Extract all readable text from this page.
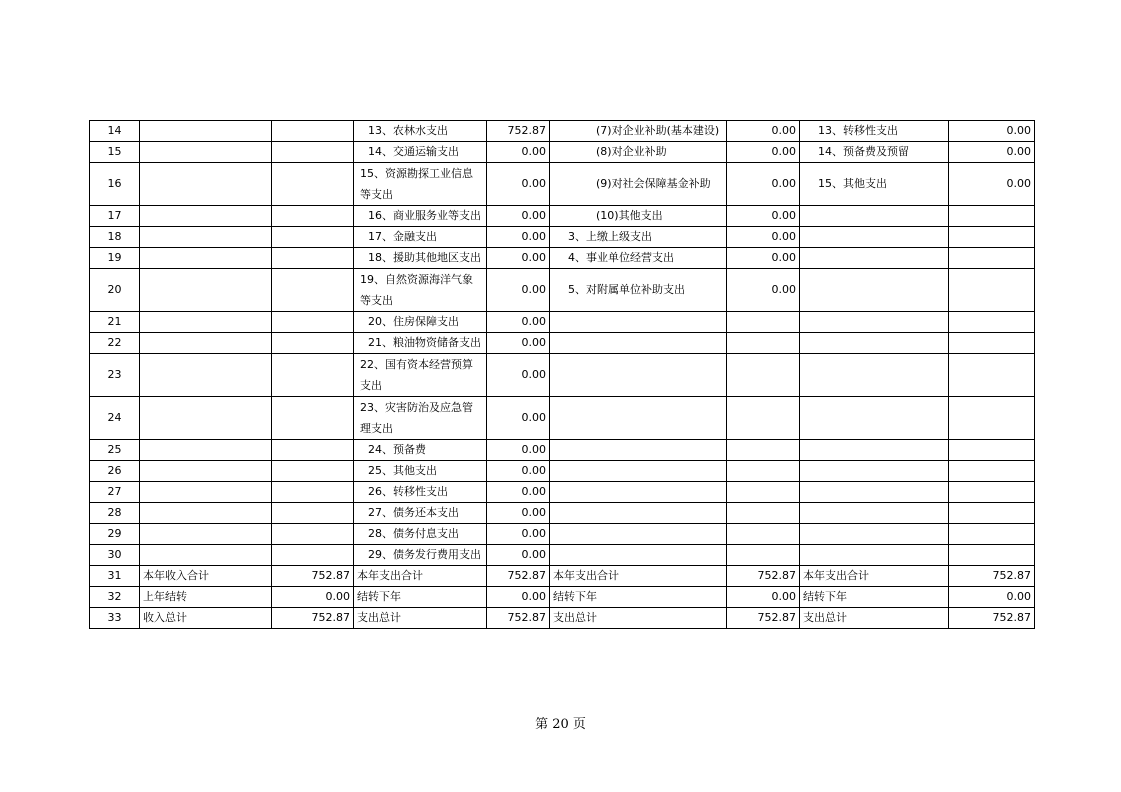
14			13、农林水支出	752.87	(7)对企业补助(基本建设)	0.00	13、转移性支出	0.00
15			14、交通运输支出	0.00	(8)对企业补助	0.00	14、预备费及预留	0.00
16			15、资源勘探工业信息等支出	0.00	(9)对社会保障基金补助	0.00	15、其他支出	0.00
17			16、商业服务业等支出	0.00	(10)其他支出	0.00		
18			17、金融支出	0.00	3、上缴上级支出	0.00		
19			18、援助其他地区支出	0.00	4、事业单位经营支出	0.00		
20			19、自然资源海洋气象等支出	0.00	5、对附属单位补助支出	0.00		
21			20、住房保障支出	0.00				
22			21、粮油物资储备支出	0.00				
23			22、国有资本经营预算支出	0.00				
24			23、灾害防治及应急管理支出	0.00				
25			24、预备费	0.00				
26			25、其他支出	0.00				
27			26、转移性支出	0.00				
28			27、债务还本支出	0.00				
29			28、债务付息支出	0.00				
30			29、债务发行费用支出	0.00				
31	本年收入合计	752.87	本年支出合计	752.87	本年支出合计	752.87	本年支出合计	752.87
32	上年结转	0.00	结转下年	0.00	结转下年	0.00	结转下年	0.00
33	收入总计	752.87	支出总计	752.87	支出总计	752.87	支出总计	752.87
第 20 页
